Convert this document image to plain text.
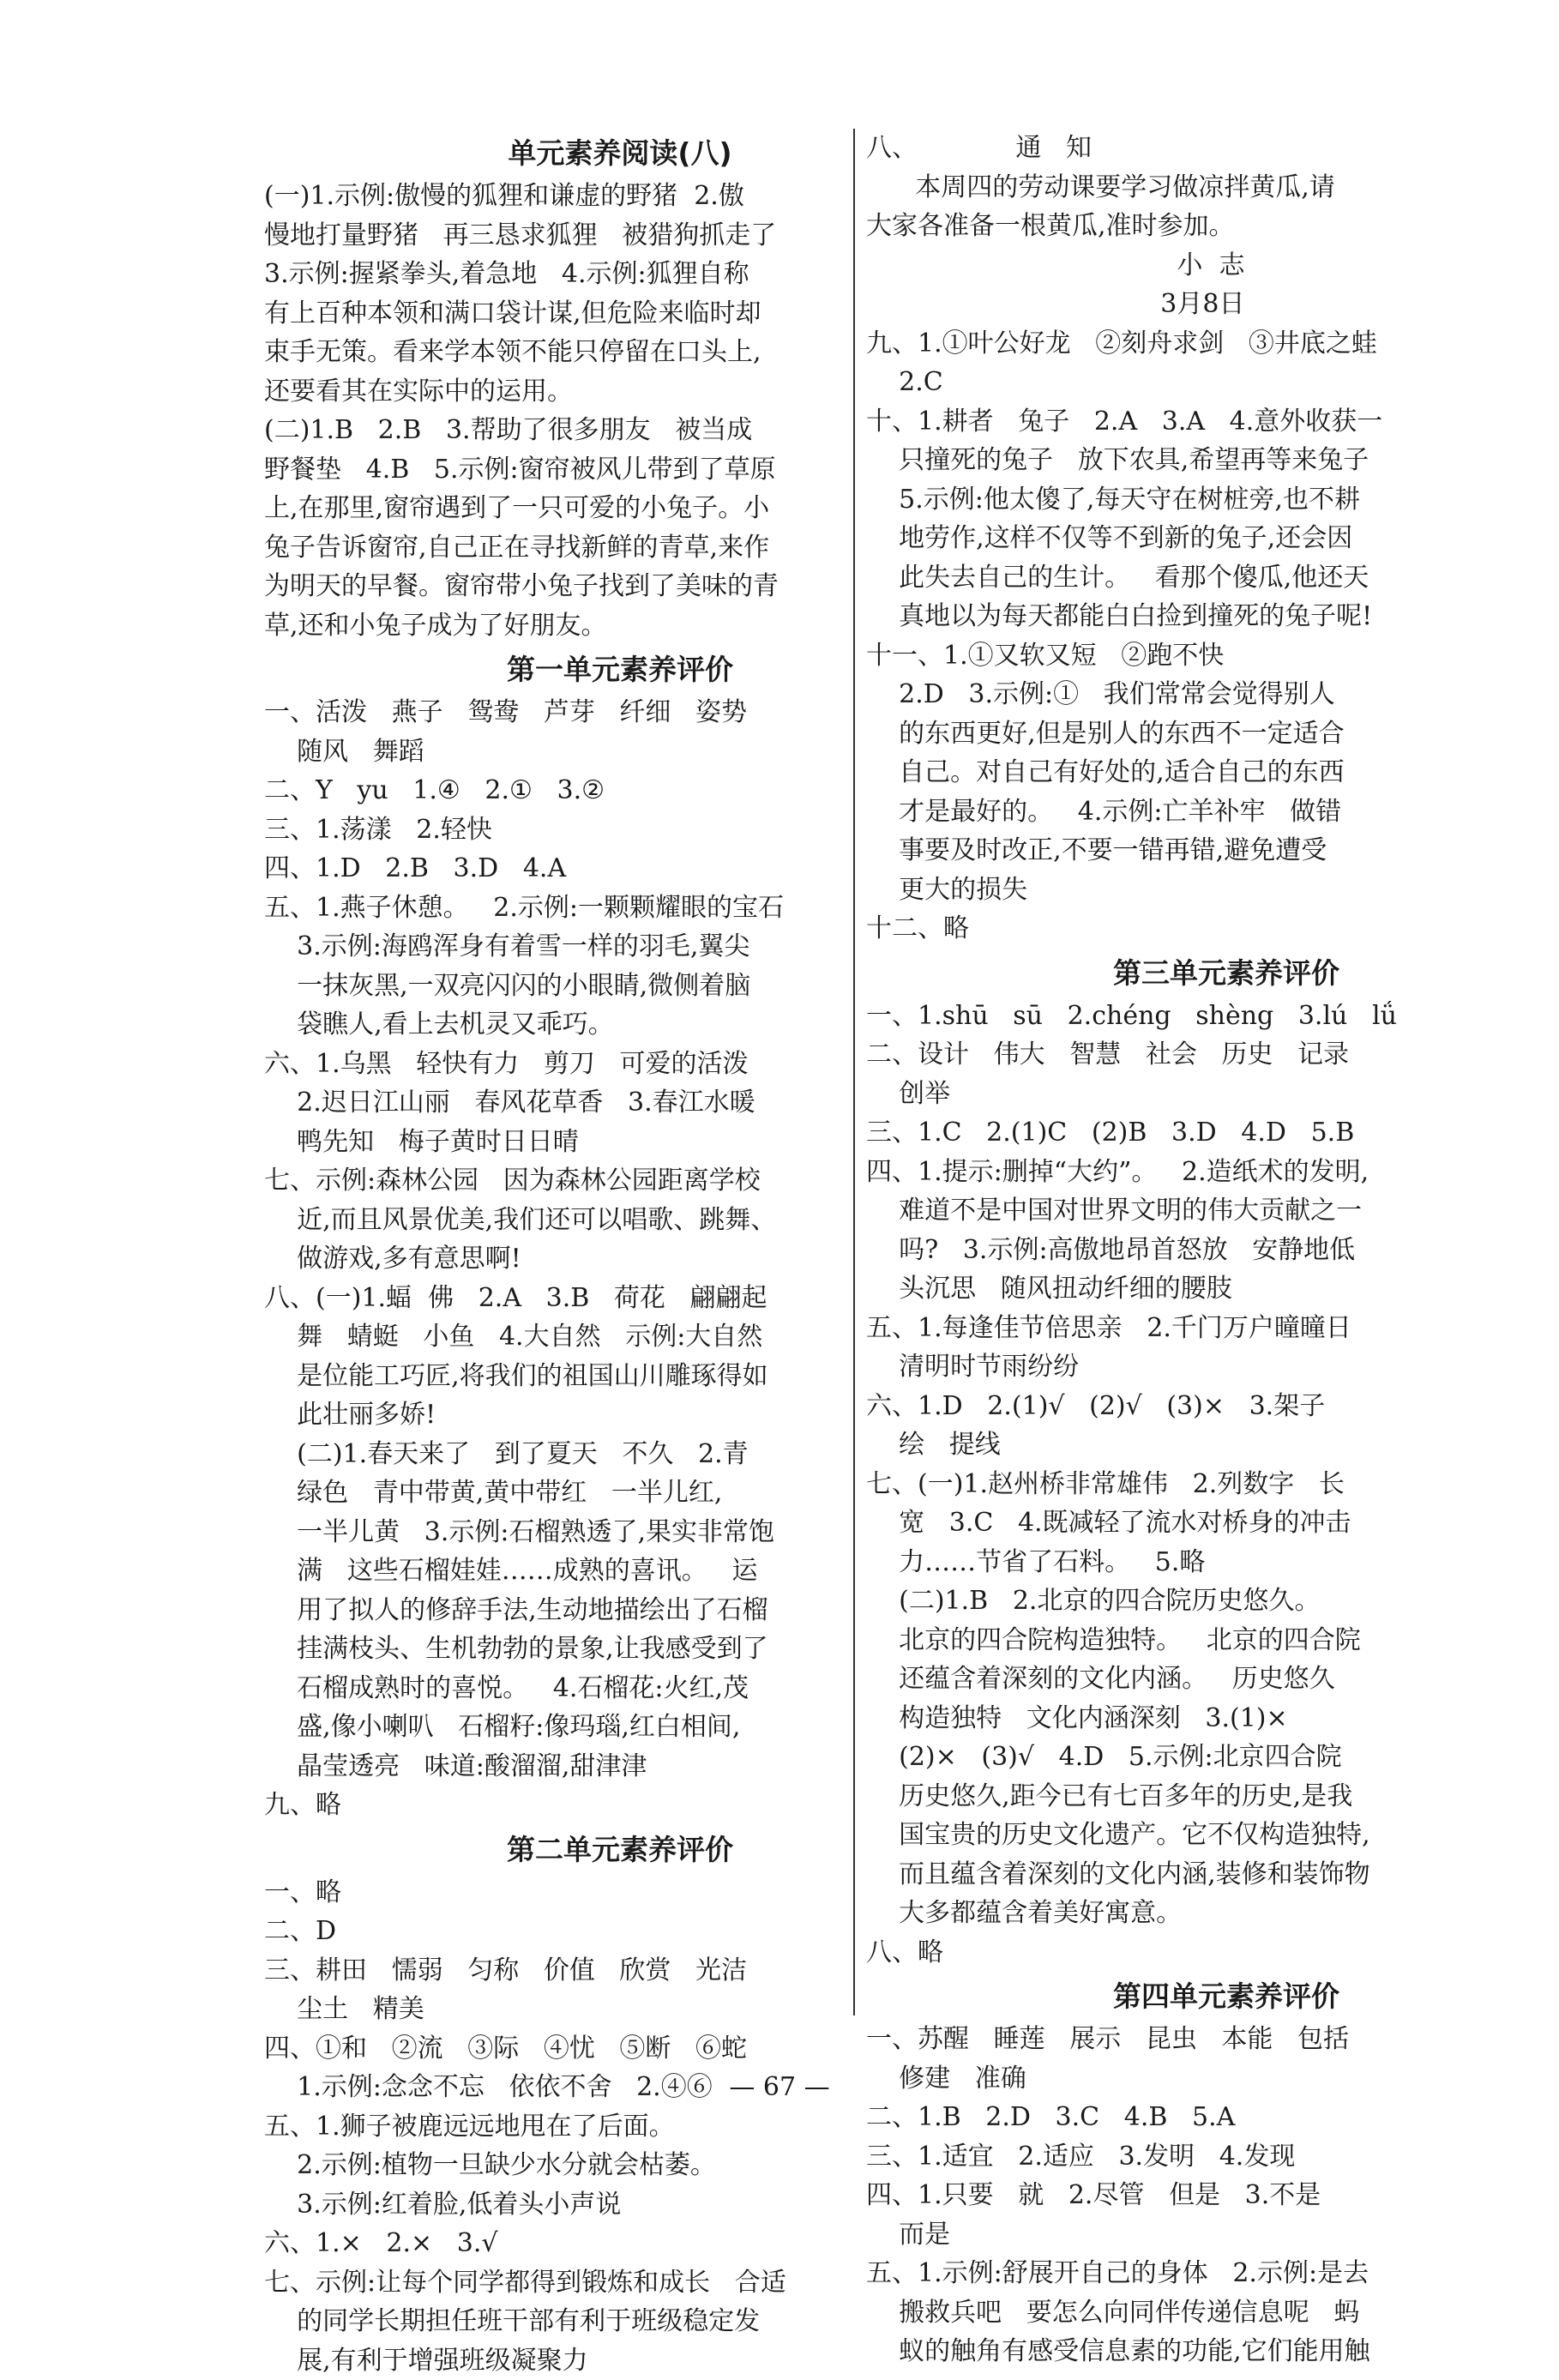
单元素养阅读(八)
(一)1.示例:傲慢的狐狸和谦虚的野猪  2.傲
慢地打量野猪   再三恳求狐狸   被猎狗抓走了
3.示例:握紧拳头,着急地   4.示例:狐狸自称
有上百种本领和满口袋计谋,但危险来临时却
束手无策。看来学本领不能只停留在口头上,
还要看其在实际中的运用。
(二)1.B   2.B   3.帮助了很多朋友   被当成
野餐垫   4.B   5.示例:窗帘被风儿带到了草原
上,在那里,窗帘遇到了一只可爱的小兔子。小
兔子告诉窗帘,自己正在寻找新鲜的青草,来作
为明天的早餐。窗帘带小兔子找到了美味的青
草,还和小兔子成为了好朋友。
第一单元素养评价
一、活泼   燕子   鸳鸯   芦芽   纤细   姿势
随风   舞蹈
二、Y   yu   1.④   2.①   3.②
三、1.荡漾   2.轻快
四、1.D   2.B   3.D   4.A
五、1.燕子休憩。   2.示例:一颗颗耀眼的宝石
3.示例:海鸥浑身有着雪一样的羽毛,翼尖
一抹灰黑,一双亮闪闪的小眼睛,微侧着脑
袋瞧人,看上去机灵又乖巧。
六、1.乌黑   轻快有力   剪刀   可爱的活泼
2.迟日江山丽   春风花草香   3.春江水暖
鸭先知   梅子黄时日日晴
七、示例:森林公园   因为森林公园距离学校
近,而且风景优美,我们还可以唱歌、跳舞、
做游戏,多有意思啊!
八、(一)1.蝠  佛   2.A   3.B   荷花   翩翩起
舞   蜻蜓   小鱼   4.大自然   示例:大自然
是位能工巧匠,将我们的祖国山川雕琢得如
此壮丽多娇!
(二)1.春天来了   到了夏天   不久   2.青
绿色   青中带黄,黄中带红   一半儿红,
一半儿黄   3.示例:石榴熟透了,果实非常饱
满   这些石榴娃娃……成熟的喜讯。   运
用了拟人的修辞手法,生动地描绘出了石榴
挂满枝头、生机勃勃的景象,让我感受到了
石榴成熟时的喜悦。   4.石榴花:火红,茂
盛,像小喇叭   石榴籽:像玛瑙,红白相间,
晶莹透亮   味道:酸溜溜,甜津津
九、略
第二单元素养评价
一、略
二、D
三、耕田   懦弱   匀称   价值   欣赏   光洁
尘土   精美
四、①和   ②流   ③际   ④忧   ⑤断   ⑥蛇
1.示例:念念不忘   依依不舍   2.④⑥
五、1.狮子被鹿远远地甩在了后面。
2.示例:植物一旦缺少水分就会枯萎。
3.示例:红着脸,低着头小声说
六、1.×   2.×   3.√
七、示例:让每个同学都得到锻炼和成长   合适
的同学长期担任班干部有利于班级稳定发
展,有利于增强班级凝聚力
八、            通   知
本周四的劳动课要学习做凉拌黄瓜,请
大家各准备一根黄瓜,准时参加。
小  志
3月8日
九、1.①叶公好龙   ②刻舟求剑   ③井底之蛙
2.C
十、1.耕者   兔子   2.A   3.A   4.意外收获一
只撞死的兔子   放下农具,希望再等来兔子
5.示例:他太傻了,每天守在树桩旁,也不耕
地劳作,这样不仅等不到新的兔子,还会因
此失去自己的生计。   看那个傻瓜,他还天
真地以为每天都能白白捡到撞死的兔子呢!
十一、1.①又软又短   ②跑不快
2.D   3.示例:①   我们常常会觉得别人
的东西更好,但是别人的东西不一定适合
自己。对自己有好处的,适合自己的东西
才是最好的。   4.示例:亡羊补牢   做错
事要及时改正,不要一错再错,避免遭受
更大的损失
十二、略
第三单元素养评价
一、1.shū   sū   2.chéng   shèng   3.lú   lǘ
二、设计   伟大   智慧   社会   历史   记录
创举
三、1.C   2.(1)C   (2)B   3.D   4.D   5.B
四、1.提示:删掉“大约”。   2.造纸术的发明,
难道不是中国对世界文明的伟大贡献之一
吗?   3.示例:高傲地昂首怒放   安静地低
头沉思   随风扭动纤细的腰肢
五、1.每逢佳节倍思亲   2.千门万户曈曈日
清明时节雨纷纷
六、1.D   2.(1)√   (2)√   (3)×   3.架子
绘   提线
七、(一)1.赵州桥非常雄伟   2.列数字   长
宽   3.C   4.既减轻了流水对桥身的冲击
力……节省了石料。   5.略
(二)1.B   2.北京的四合院历史悠久。
北京的四合院构造独特。   北京的四合院
还蕴含着深刻的文化内涵。   历史悠久
构造独特   文化内涵深刻   3.(1)×
(2)×   (3)√   4.D   5.示例:北京四合院
历史悠久,距今已有七百多年的历史,是我
国宝贵的历史文化遗产。它不仅构造独特,
而且蕴含着深刻的文化内涵,装修和装饰物
大多都蕴含着美好寓意。
八、略
第四单元素养评价
一、苏醒   睡莲   展示   昆虫   本能   包括
修建   准确
二、1.B   2.D   3.C   4.B   5.A
三、1.适宜   2.适应   3.发明   4.发现
四、1.只要   就   2.尽管   但是   3.不是
而是
五、1.示例:舒展开自己的身体   2.示例:是去
搬救兵吧   要怎么向同伴传递信息呢   蚂
蚁的触角有感受信息素的功能,它们能用触
— 67 —
